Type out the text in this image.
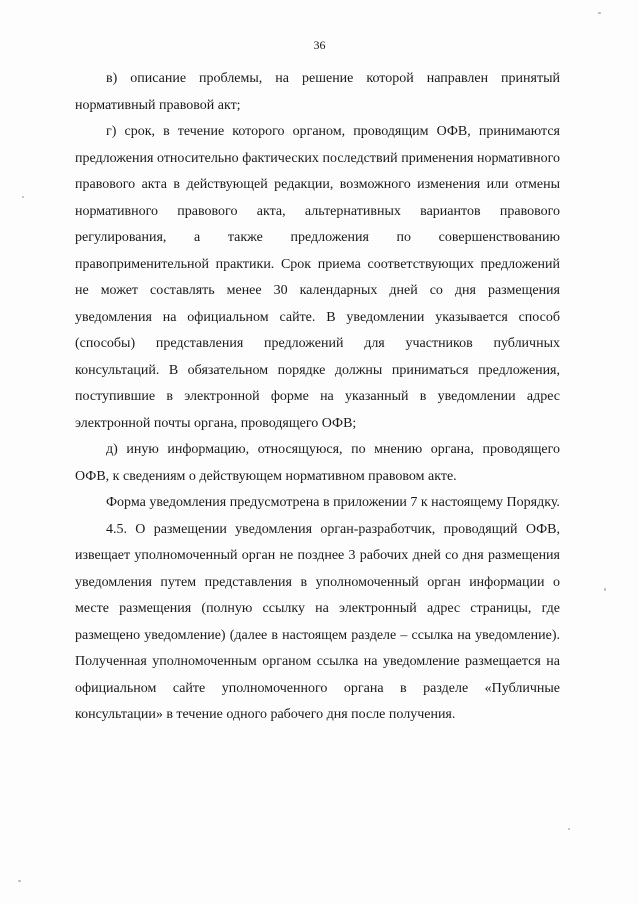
36

в) описание проблемы, на решение которой направлен принятый нормативный правовой акт;

г) срок, в течение которого органом, проводящим ОФВ, принимаются предложения относительно фактических последствий применения нормативного правового акта в действующей редакции, возможного изменения или отмены нормативного правового акта, альтернативных вариантов правового регулирования, а также предложения по совершенствованию правоприменительной практики. Срок приема соответствующих предложений не может составлять менее 30 календарных дней со дня размещения уведомления на официальном сайте. В уведомлении указывается способ (способы) представления предложений для участников публичных консультаций. В обязательном порядке должны приниматься предложения, поступившие в электронной форме на указанный в уведомлении адрес электронной почты органа, проводящего ОФВ;

д) иную информацию, относящуюся, по мнению органа, проводящего ОФВ, к сведениям о действующем нормативном правовом акте.

Форма уведомления предусмотрена в приложении 7 к настоящему Порядку.

4.5. О размещении уведомления орган-разработчик, проводящий ОФВ, извещает уполномоченный орган не позднее 3 рабочих дней со дня размещения уведомления путем представления в уполномоченный орган информации о месте размещения (полную ссылку на электронный адрес страницы, где размещено уведомление) (далее в настоящем разделе – ссылка на уведомление). Полученная уполномоченным органом ссылка на уведомление размещается на официальном сайте уполномоченного органа в разделе «Публичные консультации» в течение одного рабочего дня после получения.
